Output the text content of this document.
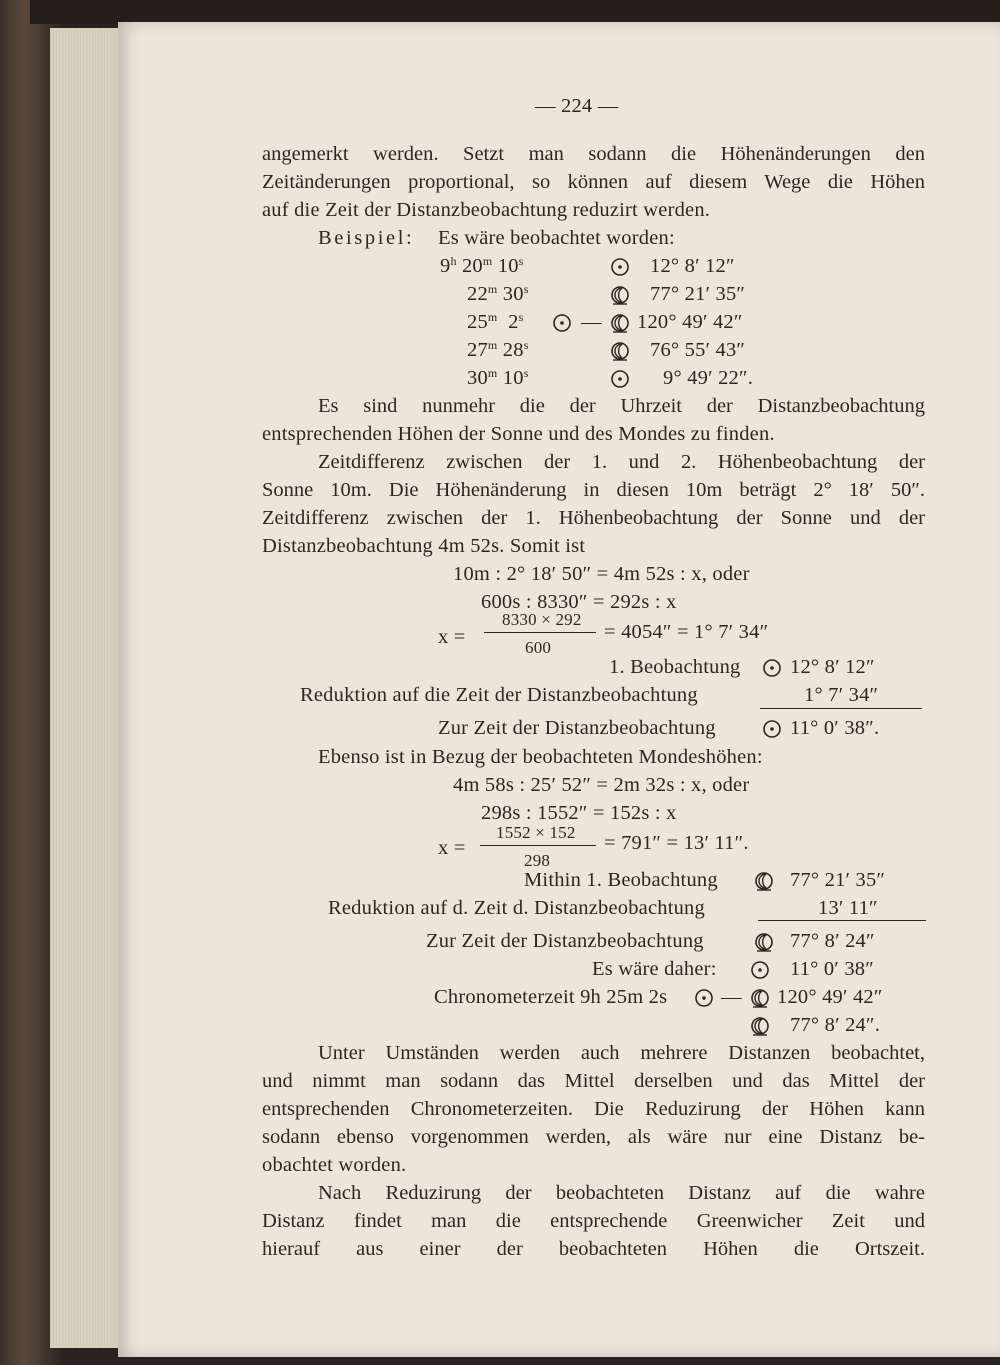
— 224 —
angemerkt werden. Setzt man sodann die Höhenänderungen den
Zeitänderungen proportional, so können auf diesem Wege die Höhen
auf die Zeit der Distanzbeobachtung reduzirt werden.
Beispiel: Es wäre beobachtet worden:
9$^h$ 20$^m$ 10$^s$	12° 8′ 12″
22$^m$ 30$^s$	77° 21′ 35″
25$^m$  2$^s$	— 120° 49′ 42″
27$^m$ 28$^s$	76° 55′ 43″
30$^m$ 10$^s$	9° 49′ 22″.
Es sind nunmehr die der Uhrzeit der Distanzbeobachtung
entsprechenden Höhen der Sonne und des Mondes zu finden.
Zeitdifferenz zwischen der 1. und 2. Höhenbeobachtung der
Sonne 10m. Die Höhenänderung in diesen 10m beträgt 2° 18′ 50″.
Zeitdifferenz zwischen der 1. Höhenbeobachtung der Sonne und der
Distanzbeobachtung 4m 52s. Somit ist
10m : 2° 18′ 50″ = 4m 52s : x, oder
600s : 8330″ = 292s : x
x =
8330 × 292
600
= 4054″ = 1° 7′ 34″
1. Beobachtung 12° 8′ 12″
Reduktion auf die Zeit der Distanzbeobachtung	1° 7′ 34″
Zur Zeit der Distanzbeobachtung	11° 0′ 38″.
Ebenso ist in Bezug der beobachteten Mondeshöhen:
4m 58s : 25′ 52″ = 2m 32s : x, oder
298s : 1552″ = 152s : x
x =
1552 × 152
298
= 791″ = 13′ 11″.
Mithin 1. Beobachtung	77° 21′ 35″
Reduktion auf d. Zeit d. Distanzbeobachtung	13′ 11″
Zur Zeit der Distanzbeobachtung	77° 8′ 24″
Es wäre daher:	11° 0′ 38″
Chronometerzeit 9h 25m 2s	— 120° 49′ 42″
77° 8′ 24″.
Unter Umständen werden auch mehrere Distanzen beobachtet,
und nimmt man sodann das Mittel derselben und das Mittel der
entsprechenden Chronometerzeiten. Die Reduzirung der Höhen kann
sodann ebenso vorgenommen werden, als wäre nur eine Distanz be-
obachtet worden.
Nach Reduzirung der beobachteten Distanz auf die wahre
Distanz findet man die entsprechende Greenwicher Zeit und
hierauf aus einer der beobachteten Höhen die Ortszeit.
